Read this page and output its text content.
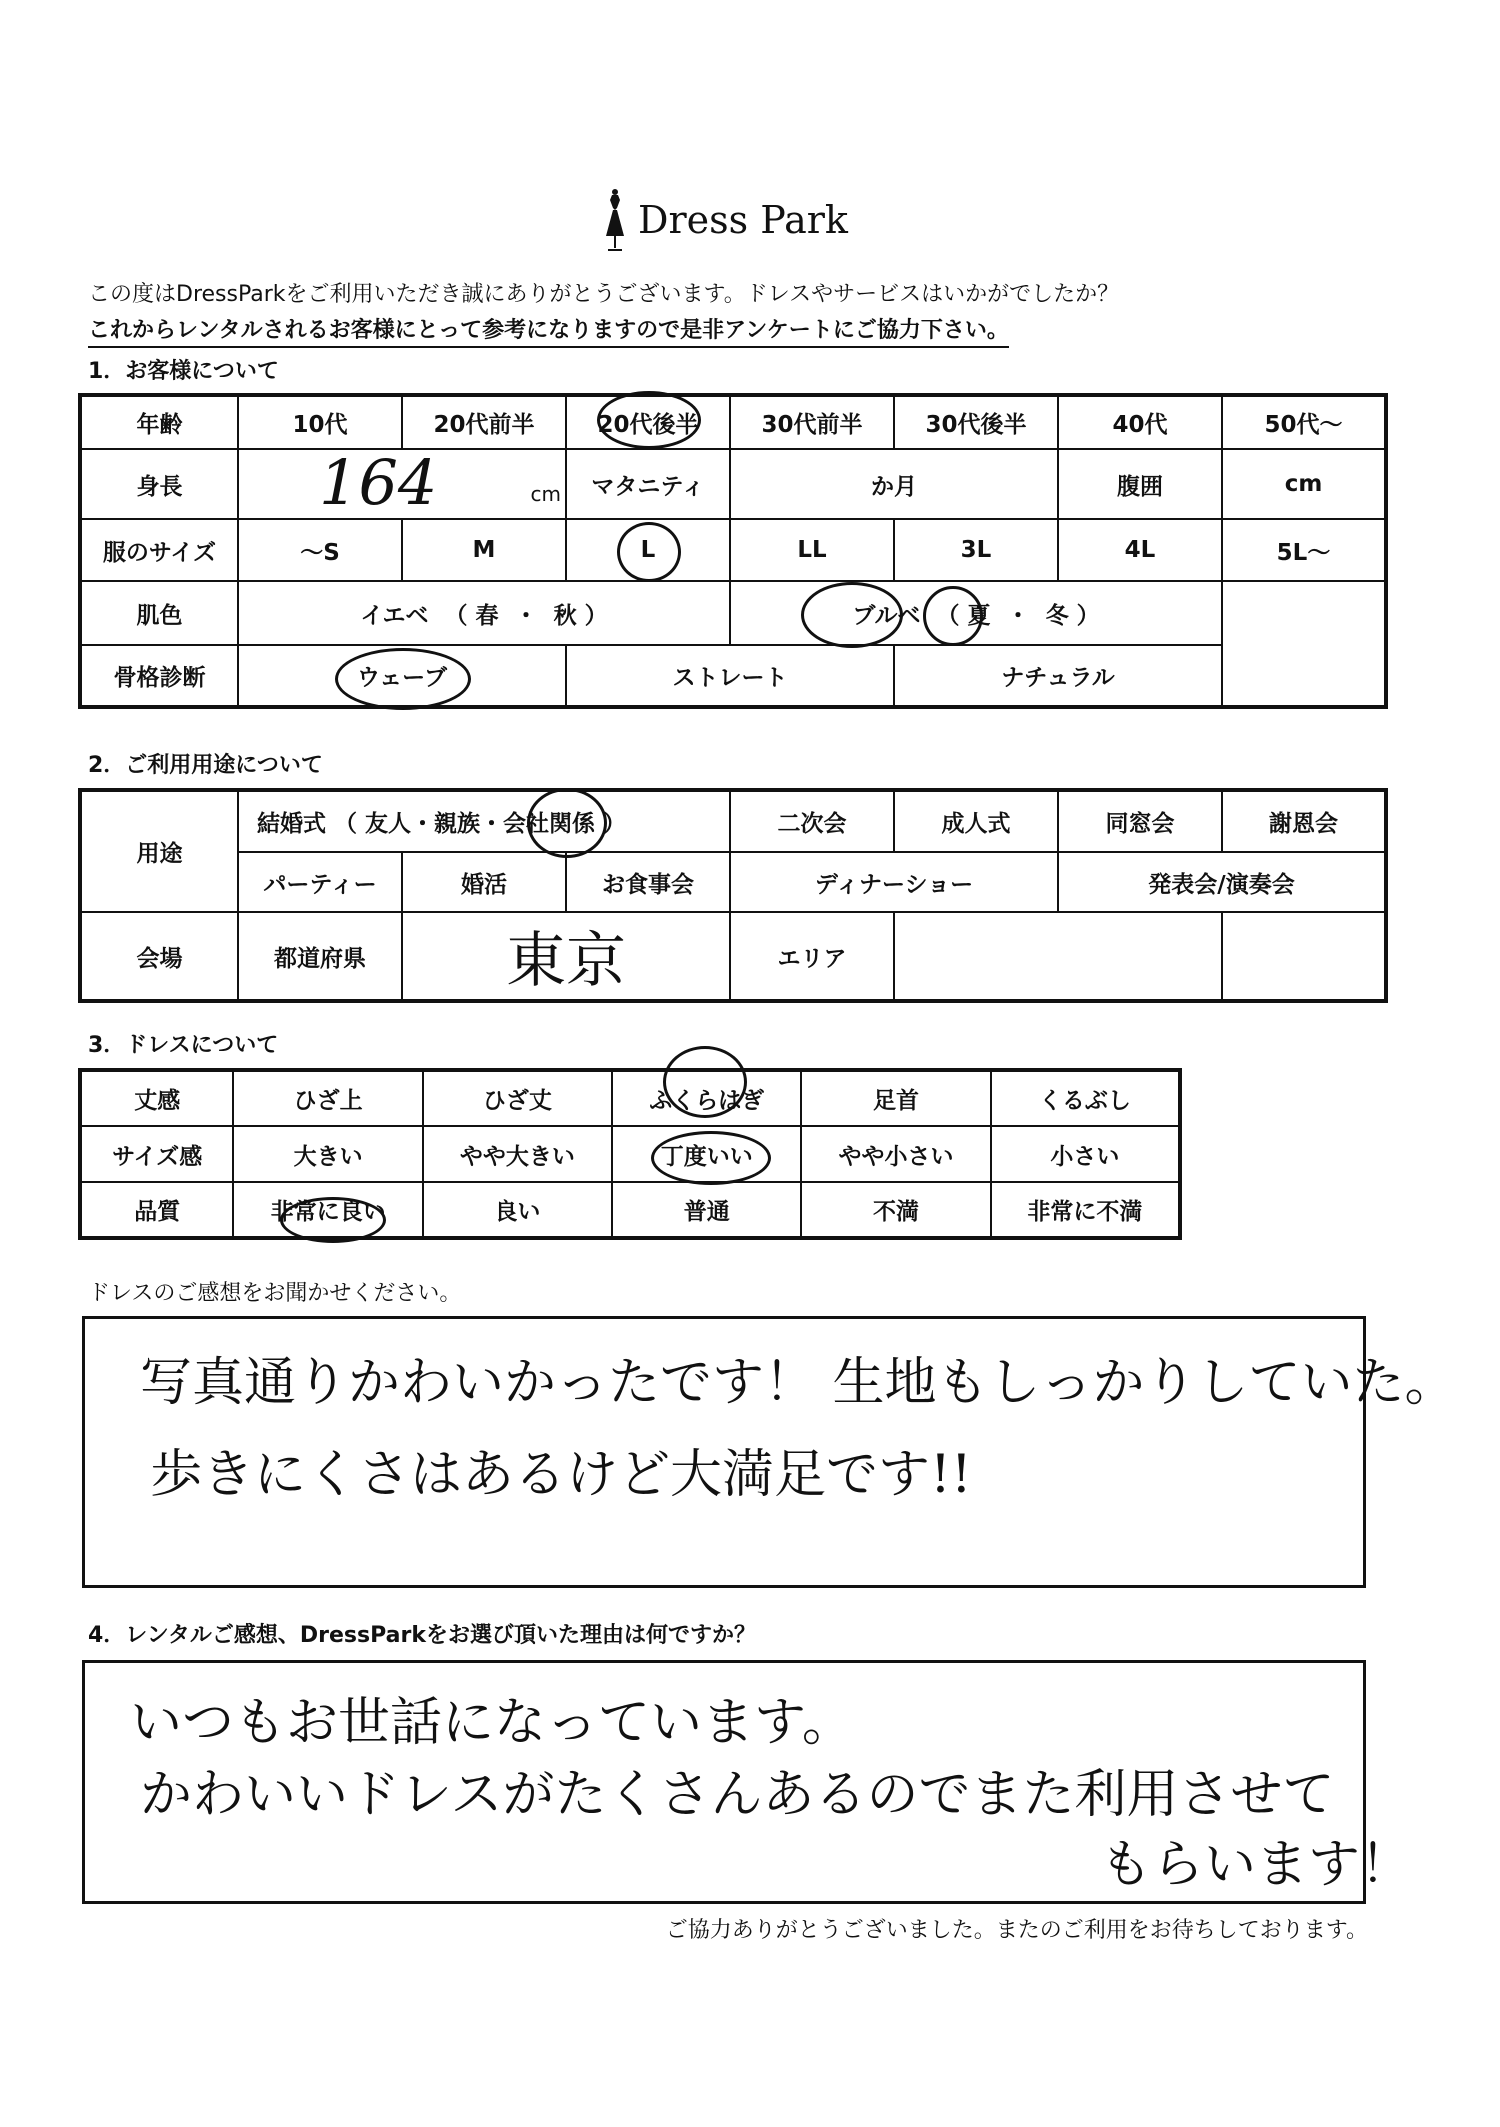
Dress Park
この度はDressParkをご利用いただき誠にありがとうございます。ドレスやサービスはいかがでしたか？
これからレンタルされるお客様にとって参考になりますので是非アンケートにご協力下さい。
1．お客様について
年齢	10代	20代前半	20代後半	30代前半	30代後半	40代	50代～
身長	164 cm		マタニティ	か月		腹囲	cm
服のサイズ	～S	M	L	LL	3L	4L	5L～
肌色	イエベ （ 春 ・ 秋 ）			ブルベ （ 夏 ・ 冬 ）		

骨格診断	ウェーブ		ストレート		ナチュラル		
2．ご利用用途について
用途	結婚式 （ 友人・親族・会社関係 ）			二次会	成人式	同窓会	謝恩会
	パーティー	婚活	お食事会	ディナーショー		発表会/演奏会	
会場	都道府県	東京		エリア			
3．ドレスについて
丈感	ひざ上	ひざ丈	ふくらはぎ	足首	くるぶし
サイズ感	大きい	やや大きい	丁度いい	やや小さい	小さい
品質	非常に良い	良い	普通	不満	非常に不満
ドレスのご感想をお聞かせください。
写真通りかわいかったです！ 生地もしっかりしていた。
歩きにくさはあるけど大満足です!!
4．レンタルご感想、DressParkをお選び頂いた理由は何ですか？
いつもお世話になっています。
かわいいドレスがたくさんあるのでまた利用させて
もらいます！
ご協力ありがとうございました。またのご利用をお待ちしております。
